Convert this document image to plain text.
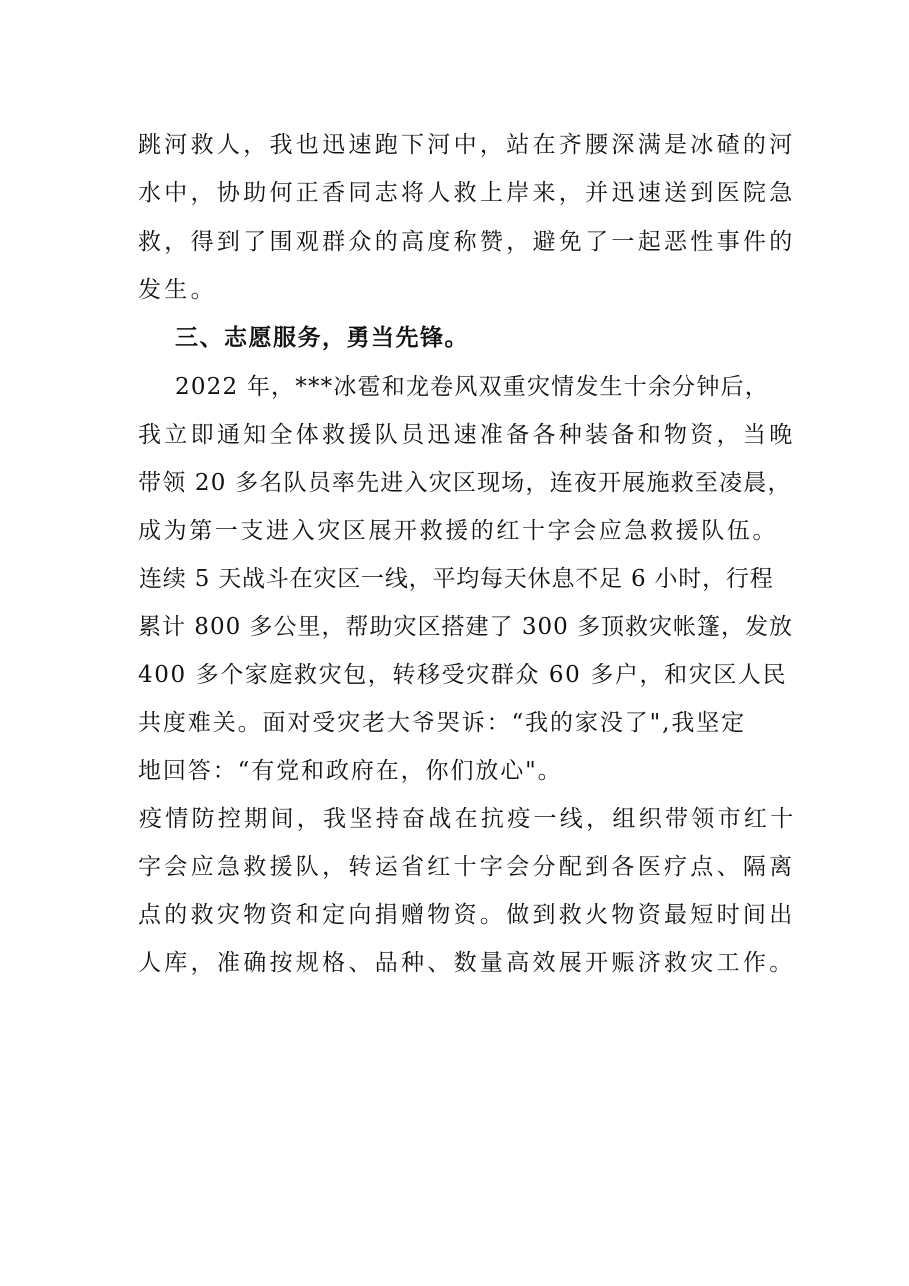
跳河救人，我也迅速跑下河中，站在齐腰深满是冰碴的河
水中，协助何正香同志将人救上岸来，并迅速送到医院急
救，得到了围观群众的高度称赞，避免了一起恶性事件的
发生。
三、志愿服务，勇当先锋。
2022 年，***冰雹和龙卷风双重灾情发生十余分钟后，
我立即通知全体救援队员迅速准备各种装备和物资，当晚
带领 20 多名队员率先进入灾区现场，连夜开展施救至凌晨，
成为第一支进入灾区展开救援的红十字会应急救援队伍。
连续 5 天战斗在灾区一线，平均每天休息不足 6 小时，行程
累计 800 多公里，帮助灾区搭建了 300 多顶救灾帐篷，发放
400 多个家庭救灾包，转移受灾群众 60 多户，和灾区人民
共度难关。面对受灾老大爷哭诉：“我的家没了",我坚定
地回答：“有党和政府在，你们放心"。
疫情防控期间，我坚持奋战在抗疫一线，组织带领市红十
字会应急救援队，转运省红十字会分配到各医疗点、隔离
点的救灾物资和定向捐赠物资。做到救火物资最短时间出
人库，准确按规格、品种、数量高效展开赈济救灾工作。
